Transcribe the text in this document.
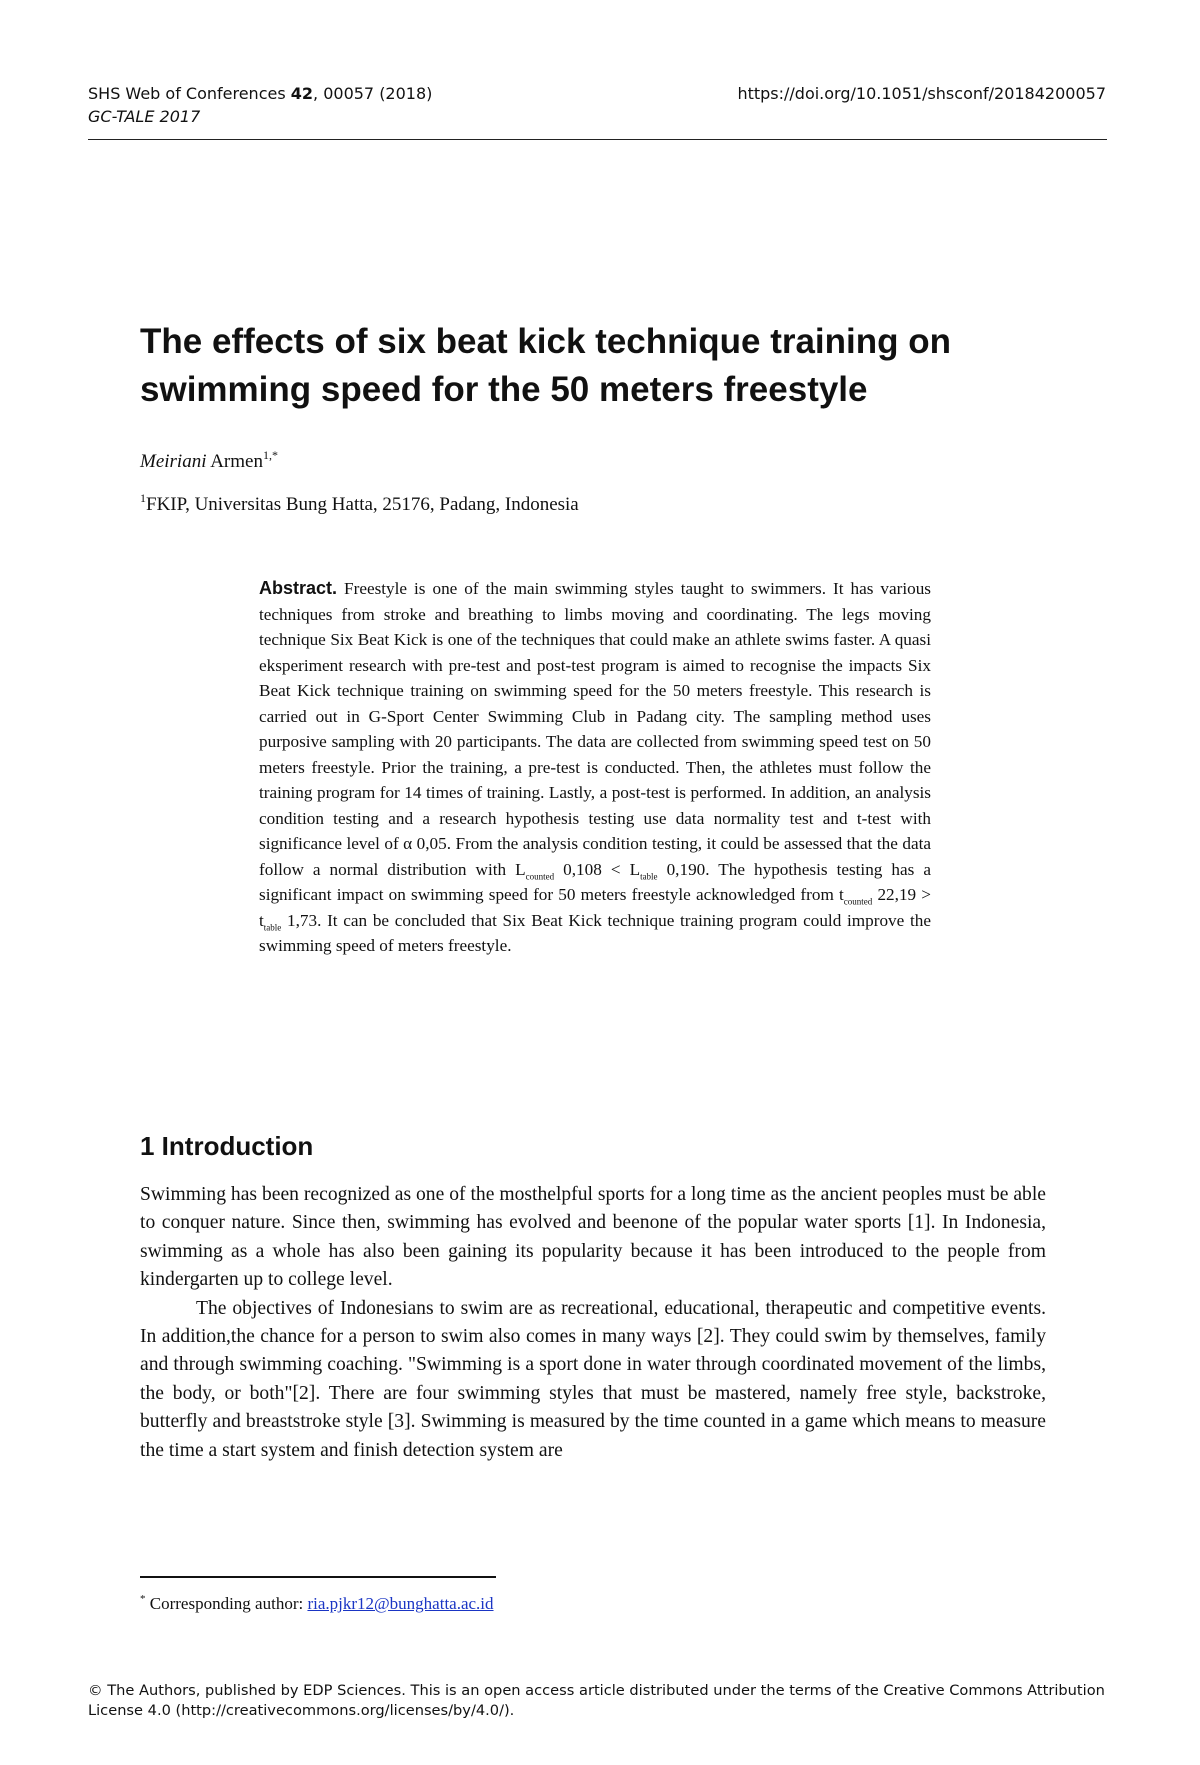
SHS Web of Conferences 42, 00057 (2018)	https://doi.org/10.1051/shsconf/20184200057
GC-TALE 2017
The effects of six beat kick technique training on swimming speed for the 50 meters freestyle
Meiriani Armen$^{1,*}$
$^1$FKIP, Universitas Bung Hatta, 25176, Padang, Indonesia
Abstract. Freestyle is one of the main swimming styles taught to swimmers. It has various techniques from stroke and breathing to limbs moving and coordinating. The legs moving technique Six Beat Kick is one of the techniques that could make an athlete swims faster. A quasi eksperiment research with pre-test and post-test program is aimed to recognise the impacts Six Beat Kick technique training on swimming speed for the 50 meters freestyle. This research is carried out in G-Sport Center Swimming Club in Padang city. The sampling method uses purposive sampling with 20 participants. The data are collected from swimming speed test on 50 meters freestyle. Prior the training, a pre-test is conducted. Then, the athletes must follow the training program for 14 times of training. Lastly, a post-test is performed. In addition, an analysis condition testing and a research hypothesis testing use data normality test and t-test with significance level of α 0,05. From the analysis condition testing, it could be assessed that the data follow a normal distribution with $L_{counted}$ $0,108 < L_{table}$ 0,190. The hypothesis testing has a significant impact on swimming speed for 50 meters freestyle acknowledged from $t_{counted}$ $22,19 > t_{table}$ 1,73. It can be concluded that Six Beat Kick technique training program could improve the swimming speed of meters freestyle.
1 Introduction

Swimming has been recognized as one of the mosthelpful sports for a long time as the ancient peoples must be able to conquer nature. Since then, swimming has evolved and beenone of the popular water sports [1]. In Indonesia, swimming as a whole has also been gaining its popularity because it has been introduced to the people from kindergarten up to college level.

The objectives of Indonesians to swim are as recreational, educational, therapeutic and competitive events. In addition,the chance for a person to swim also comes in many ways [2]. They could swim by themselves, family and through swimming coaching. "Swimming is a sport done in water through coordinated movement of the limbs, the body, or both"[2]. There are four swimming styles that must be mastered, namely free style, backstroke, butterfly and breaststroke style [3]. Swimming is measured by the time counted in a game which means to measure the time a start system and finish detection system are

* Corresponding author: ria.pjkr12@bunghatta.ac.id
© The Authors, published by EDP Sciences. This is an open access article distributed under the terms of the Creative Commons Attribution License 4.0 (http://creativecommons.org/licenses/by/4.0/).
